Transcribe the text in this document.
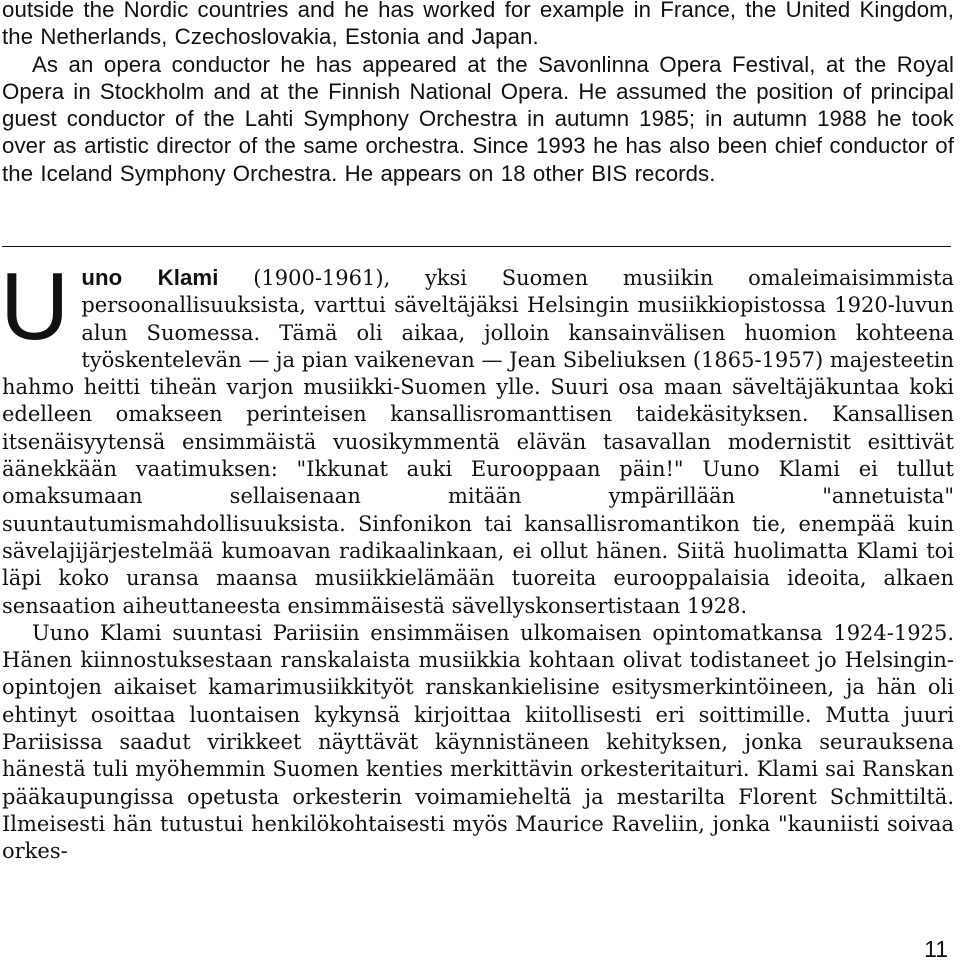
outside the Nordic countries and he has worked for example in France, the United Kingdom, the Netherlands, Czechoslovakia, Estonia and Japan.

As an opera conductor he has appeared at the Savonlinna Opera Festival, at the Royal Opera in Stockholm and at the Finnish National Opera. He assumed the position of principal guest conductor of the Lahti Symphony Orchestra in autumn 1985; in autumn 1988 he took over as artistic director of the same orchestra. Since 1993 he has also been chief conductor of the Iceland Symphony Orchestra. He appears on 18 other BIS records.

U uno Klami (1900-1961), yksi Suomen musiikin omaleimaisimmista persoonallisuuksista, varttui säveltäjäksi Helsingin musiikkiopistossa 1920-luvun alun Suomessa. Tämä oli aikaa, jolloin kansainvälisen huomion kohteena työskentelevän — ja pian vaikenevan — Jean Sibeliuksen (1865-1957) majesteetin hahmo heitti tiheän varjon musiikki-Suomen ylle. Suuri osa maan säveltäjäkuntaa koki edelleen omakseen perinteisen kansallisromanttisen taidekäsityksen. Kansallisen itsenäisyytensä ensimmäistä vuosikymmentä elävän tasavallan modernistit esittivät äänekkään vaatimuksen: "Ikkunat auki Eurooppaan päin!" Uuno Klami ei tullut omaksumaan sellaisenaan mitään ympärillään "annetuista" suuntautumismahdollisuuksista. Sinfonikon tai kansallisromantikon tie, enempää kuin sävelajijärjestelmää kumoavan radikaalinkaan, ei ollut hänen. Siitä huolimatta Klami toi läpi koko uransa maansa musiikkielämään tuoreita eurooppalaisia ideoita, alkaen sensaation aiheuttaneesta ensimmäisestä sävellyskonsertistaan 1928.

Uuno Klami suuntasi Pariisiin ensimmäisen ulkomaisen opintomatkansa 1924-1925. Hänen kiinnostuksestaan ranskalaista musiikkia kohtaan olivat todistaneet jo Helsingin-opintojen aikaiset kamarimusiikkityöt ranskankielisine esitysmerkintöineen, ja hän oli ehtinyt osoittaa luontaisen kykynsä kirjoittaa kiitollisesti eri soittimille. Mutta juuri Pariisissa saadut virikkeet näyttävät käynnistäneen kehityksen, jonka seurauksena hänestä tuli myöhemmin Suomen kenties merkittävin orkesteritaituri. Klami sai Ranskan pääkaupungissa opetusta orkesterin voimamieheltä ja mestarilta Florent Schmittiltä. Ilmeisesti hän tutustui henkilökohtaisesti myös Maurice Raveliin, jonka "kauniisti soivaa orkes-

11
